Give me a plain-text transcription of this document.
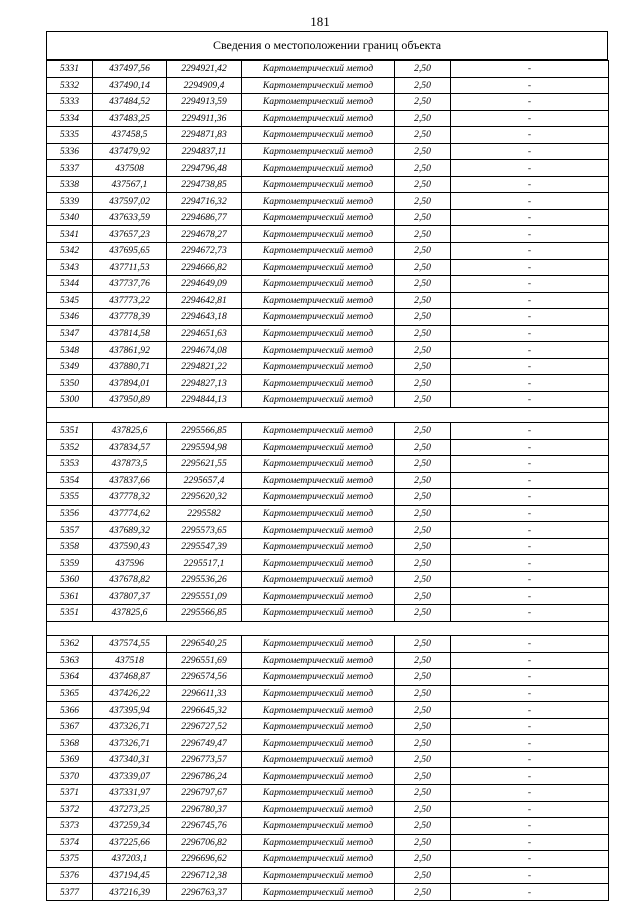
181
Сведения о местоположении границ объекта
5331	437497,56	2294921,42	Картометрический метод	2,50	-
5332	437490,14	2294909,4	Картометрический метод	2,50	-
5333	437484,52	2294913,59	Картометрический метод	2,50	-
5334	437483,25	2294911,36	Картометрический метод	2,50	-
5335	437458,5	2294871,83	Картометрический метод	2,50	-
5336	437479,92	2294837,11	Картометрический метод	2,50	-
5337	437508	2294796,48	Картометрический метод	2,50	-
5338	437567,1	2294738,85	Картометрический метод	2,50	-
5339	437597,02	2294716,32	Картометрический метод	2,50	-
5340	437633,59	2294686,77	Картометрический метод	2,50	-
5341	437657,23	2294678,27	Картометрический метод	2,50	-
5342	437695,65	2294672,73	Картометрический метод	2,50	-
5343	437711,53	2294666,82	Картометрический метод	2,50	-
5344	437737,76	2294649,09	Картометрический метод	2,50	-
5345	437773,22	2294642,81	Картометрический метод	2,50	-
5346	437778,39	2294643,18	Картометрический метод	2,50	-
5347	437814,58	2294651,63	Картометрический метод	2,50	-
5348	437861,92	2294674,08	Картометрический метод	2,50	-
5349	437880,71	2294821,22	Картометрический метод	2,50	-
5350	437894,01	2294827,13	Картометрический метод	2,50	-
5300	437950,89	2294844,13	Картометрический метод	2,50	-

5351	437825,6	2295566,85	Картометрический метод	2,50	-
5352	437834,57	2295594,98	Картометрический метод	2,50	-
5353	437873,5	2295621,55	Картометрический метод	2,50	-
5354	437837,66	2295657,4	Картометрический метод	2,50	-
5355	437778,32	2295620,32	Картометрический метод	2,50	-
5356	437774,62	2295582	Картометрический метод	2,50	-
5357	437689,32	2295573,65	Картометрический метод	2,50	-
5358	437590,43	2295547,39	Картометрический метод	2,50	-
5359	437596	2295517,1	Картометрический метод	2,50	-
5360	437678,82	2295536,26	Картометрический метод	2,50	-
5361	437807,37	2295551,09	Картометрический метод	2,50	-
5351	437825,6	2295566,85	Картометрический метод	2,50	-

5362	437574,55	2296540,25	Картометрический метод	2,50	-
5363	437518	2296551,69	Картометрический метод	2,50	-
5364	437468,87	2296574,56	Картометрический метод	2,50	-
5365	437426,22	2296611,33	Картометрический метод	2,50	-
5366	437395,94	2296645,32	Картометрический метод	2,50	-
5367	437326,71	2296727,52	Картометрический метод	2,50	-
5368	437326,71	2296749,47	Картометрический метод	2,50	-
5369	437340,31	2296773,57	Картометрический метод	2,50	-
5370	437339,07	2296786,24	Картометрический метод	2,50	-
5371	437331,97	2296797,67	Картометрический метод	2,50	-
5372	437273,25	2296780,37	Картометрический метод	2,50	-
5373	437259,34	2296745,76	Картометрический метод	2,50	-
5374	437225,66	2296706,82	Картометрический метод	2,50	-
5375	437203,1	2296696,62	Картометрический метод	2,50	-
5376	437194,45	2296712,38	Картометрический метод	2,50	-
5377	437216,39	2296763,37	Картометрический метод	2,50	-
